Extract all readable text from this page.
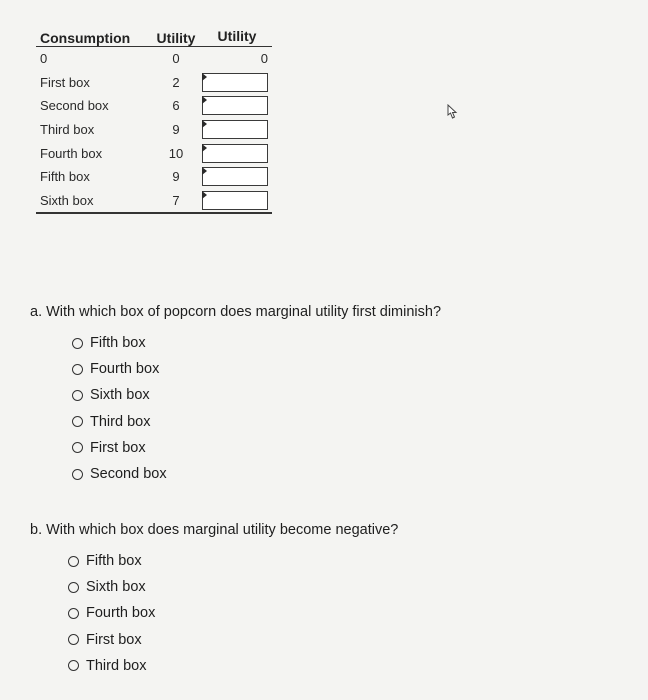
Consumption	Utility	Utility
0	0	0
First box	2	

Second box	6	

Third box	9	

Fourth box	10	

Fifth box	9	

Sixth box	7	
a. With which box of popcorn does marginal utility first diminish?
Fifth box
Fourth box
Sixth box
Third box
First box
Second box
b. With which box does marginal utility become negative?
Fifth box
Sixth box
Fourth box
First box
Third box
